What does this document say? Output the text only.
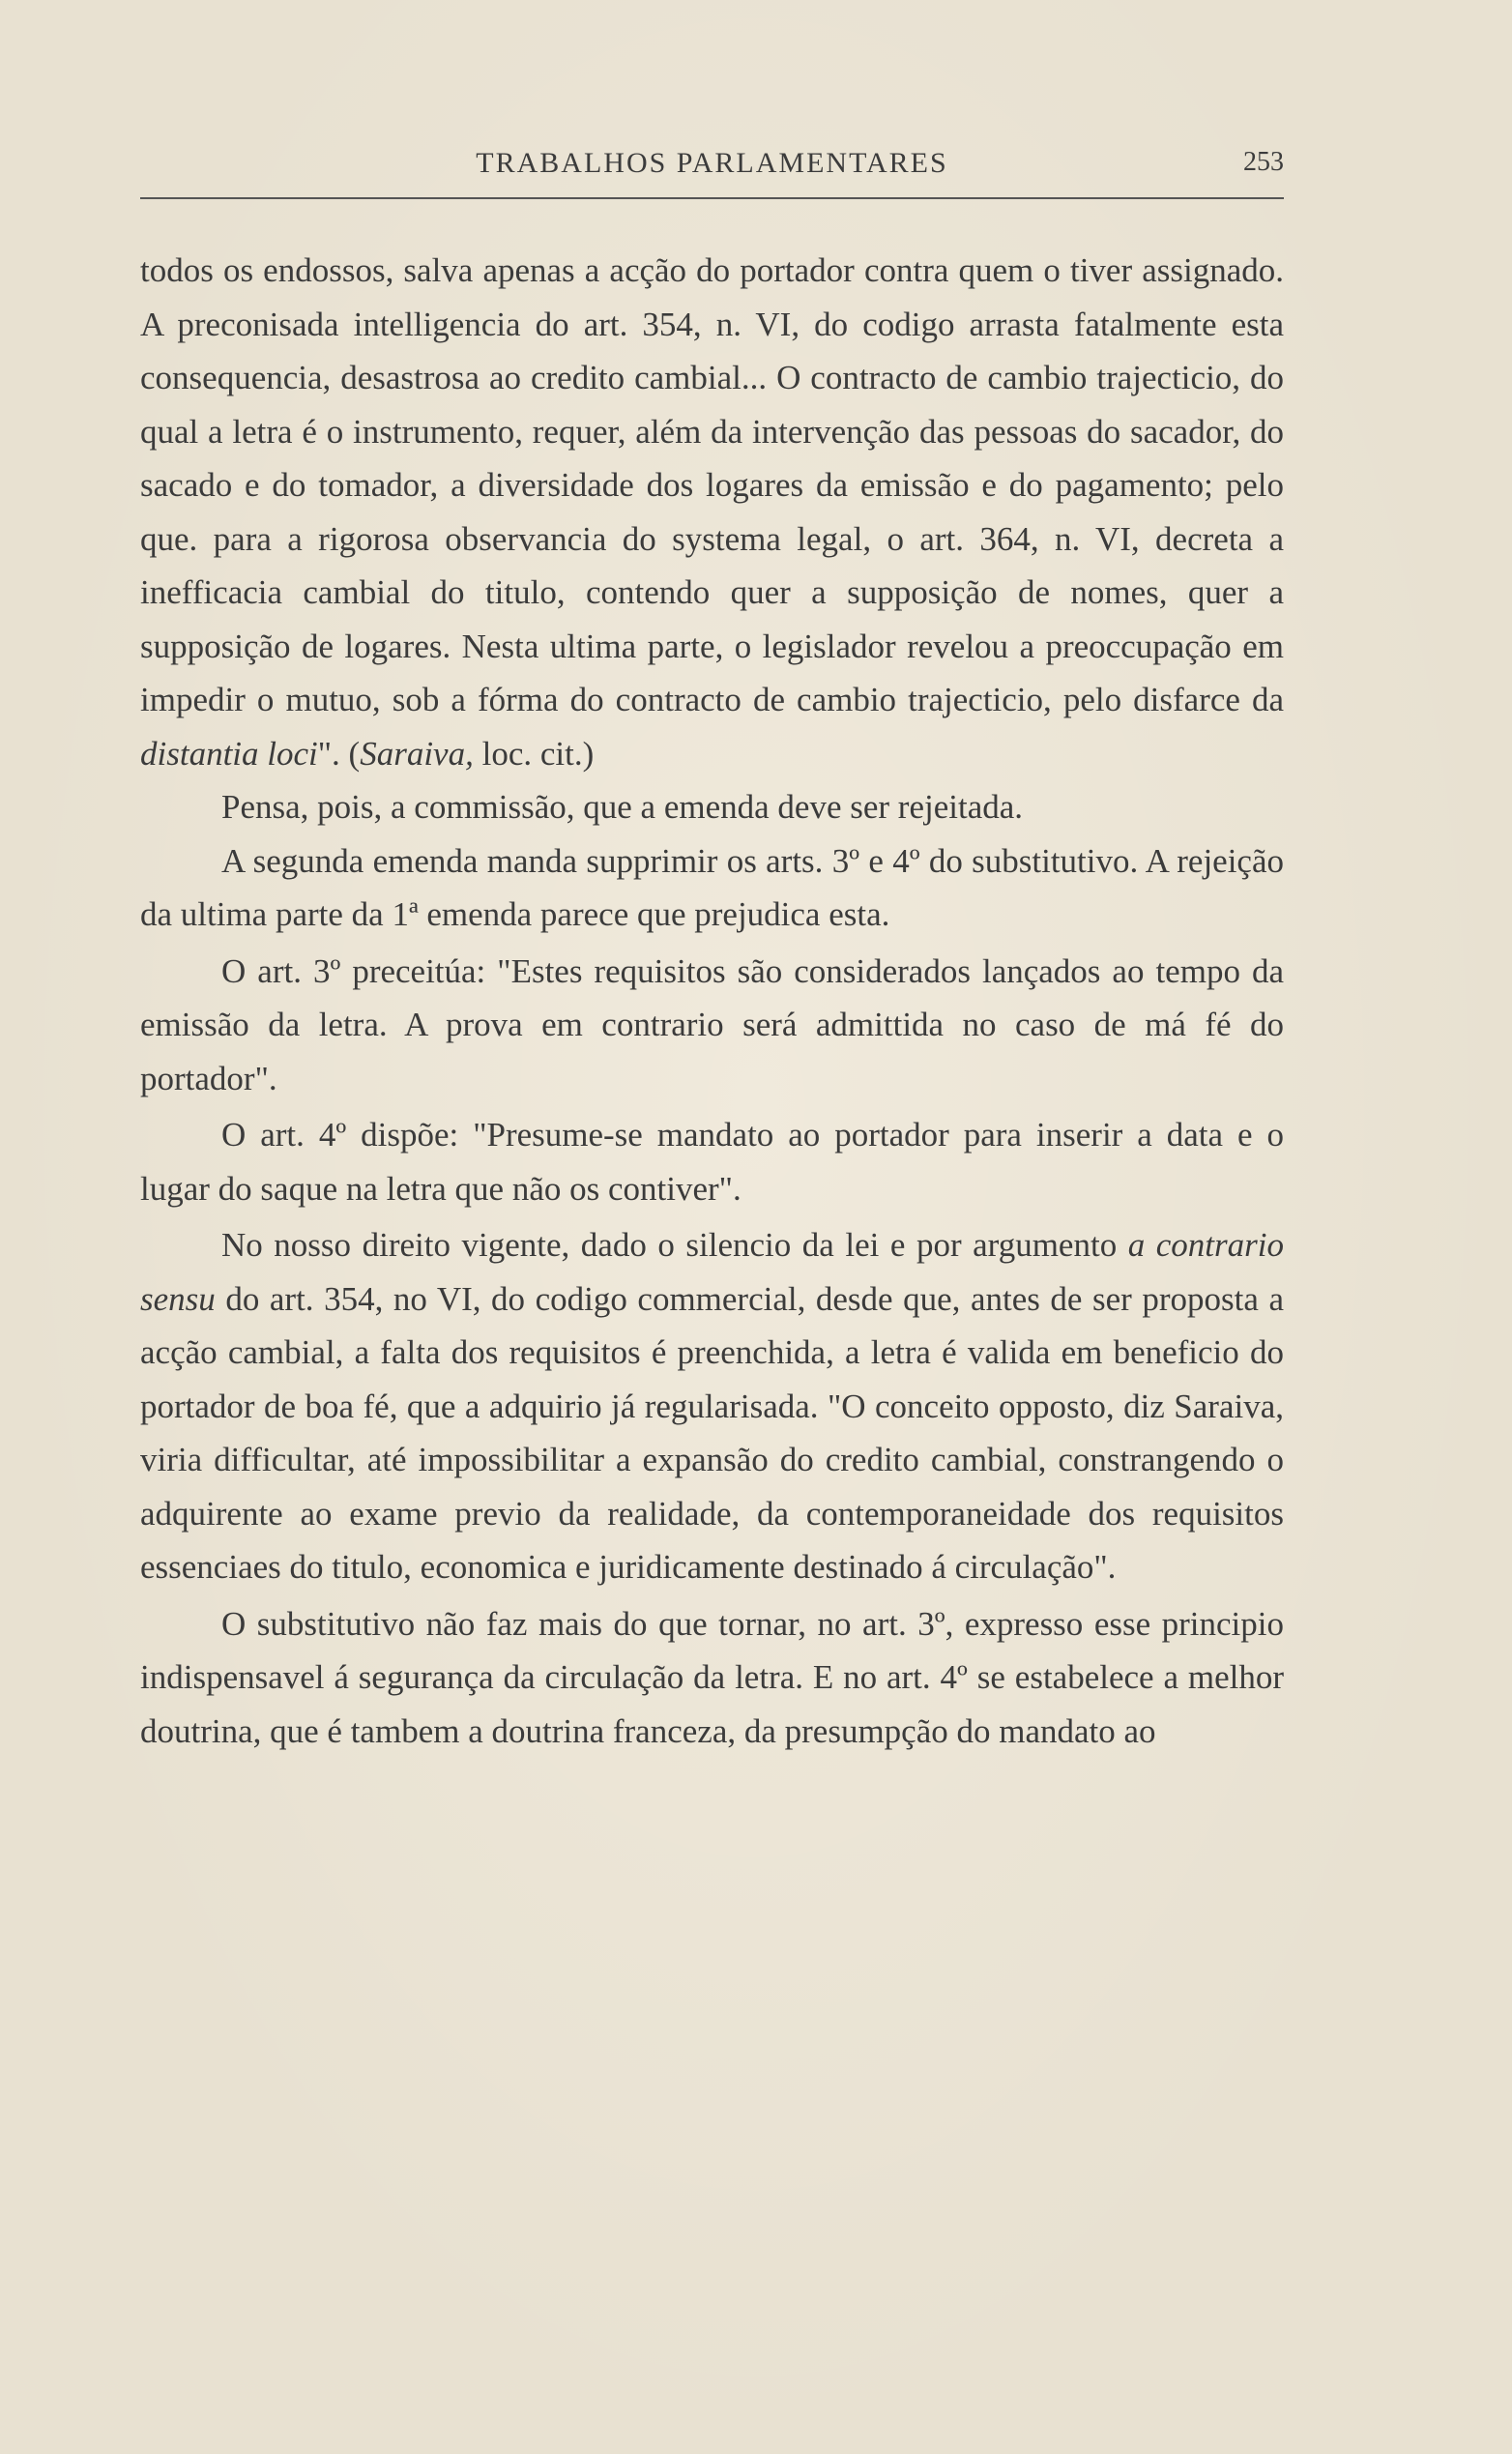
TRABALHOS PARLAMENTARES	253

todos os endossos, salva apenas a acção do portador contra quem o tiver assignado. A preconisada intelligencia do art. 354, n. VI, do codigo arrasta fatalmente esta consequencia, desastrosa ao credito cambial... O contracto de cambio trajecticio, do qual a letra é o instrumento, requer, além da intervenção das pessoas do sacador, do sacado e do tomador, a diversidade dos logares da emissão e do pagamento; pelo que. para a rigorosa observancia do systema legal, o art. 364, n. VI, decreta a inefficacia cambial do titulo, contendo quer a supposição de nomes, quer a supposição de logares. Nesta ultima parte, o legislador revelou a preoccupação em impedir o mutuo, sob a fórma do contracto de cambio trajecticio, pelo disfarce da distantia loci". (Saraiva, loc. cit.)

Pensa, pois, a commissão, que a emenda deve ser rejeitada.

A segunda emenda manda supprimir os arts. 3º e 4º do substitutivo. A rejeição da ultima parte da 1ª emenda parece que prejudica esta.

O art. 3º preceitúa: "Estes requisitos são considerados lançados ao tempo da emissão da letra. A prova em contrario será admittida no caso de má fé do portador".

O art. 4º dispõe: "Presume-se mandato ao portador para inserir a data e o lugar do saque na letra que não os contiver".

No nosso direito vigente, dado o silencio da lei e por argumento a contrario sensu do art. 354, no VI, do codigo commercial, desde que, antes de ser proposta a acção cambial, a falta dos requisitos é preenchida, a letra é valida em beneficio do portador de boa fé, que a adquirio já regularisada. "O conceito opposto, diz Saraiva, viria difficultar, até impossibilitar a expansão do credito cambial, constrangendo o adquirente ao exame previo da realidade, da contemporaneidade dos requisitos essenciaes do titulo, economica e juridicamente destinado á circulação".

O substitutivo não faz mais do que tornar, no art. 3º, expresso esse principio indispensavel á segurança da circulação da letra. E no art. 4º se estabelece a melhor doutrina, que é tambem a doutrina franceza, da presumpção do mandato ao
